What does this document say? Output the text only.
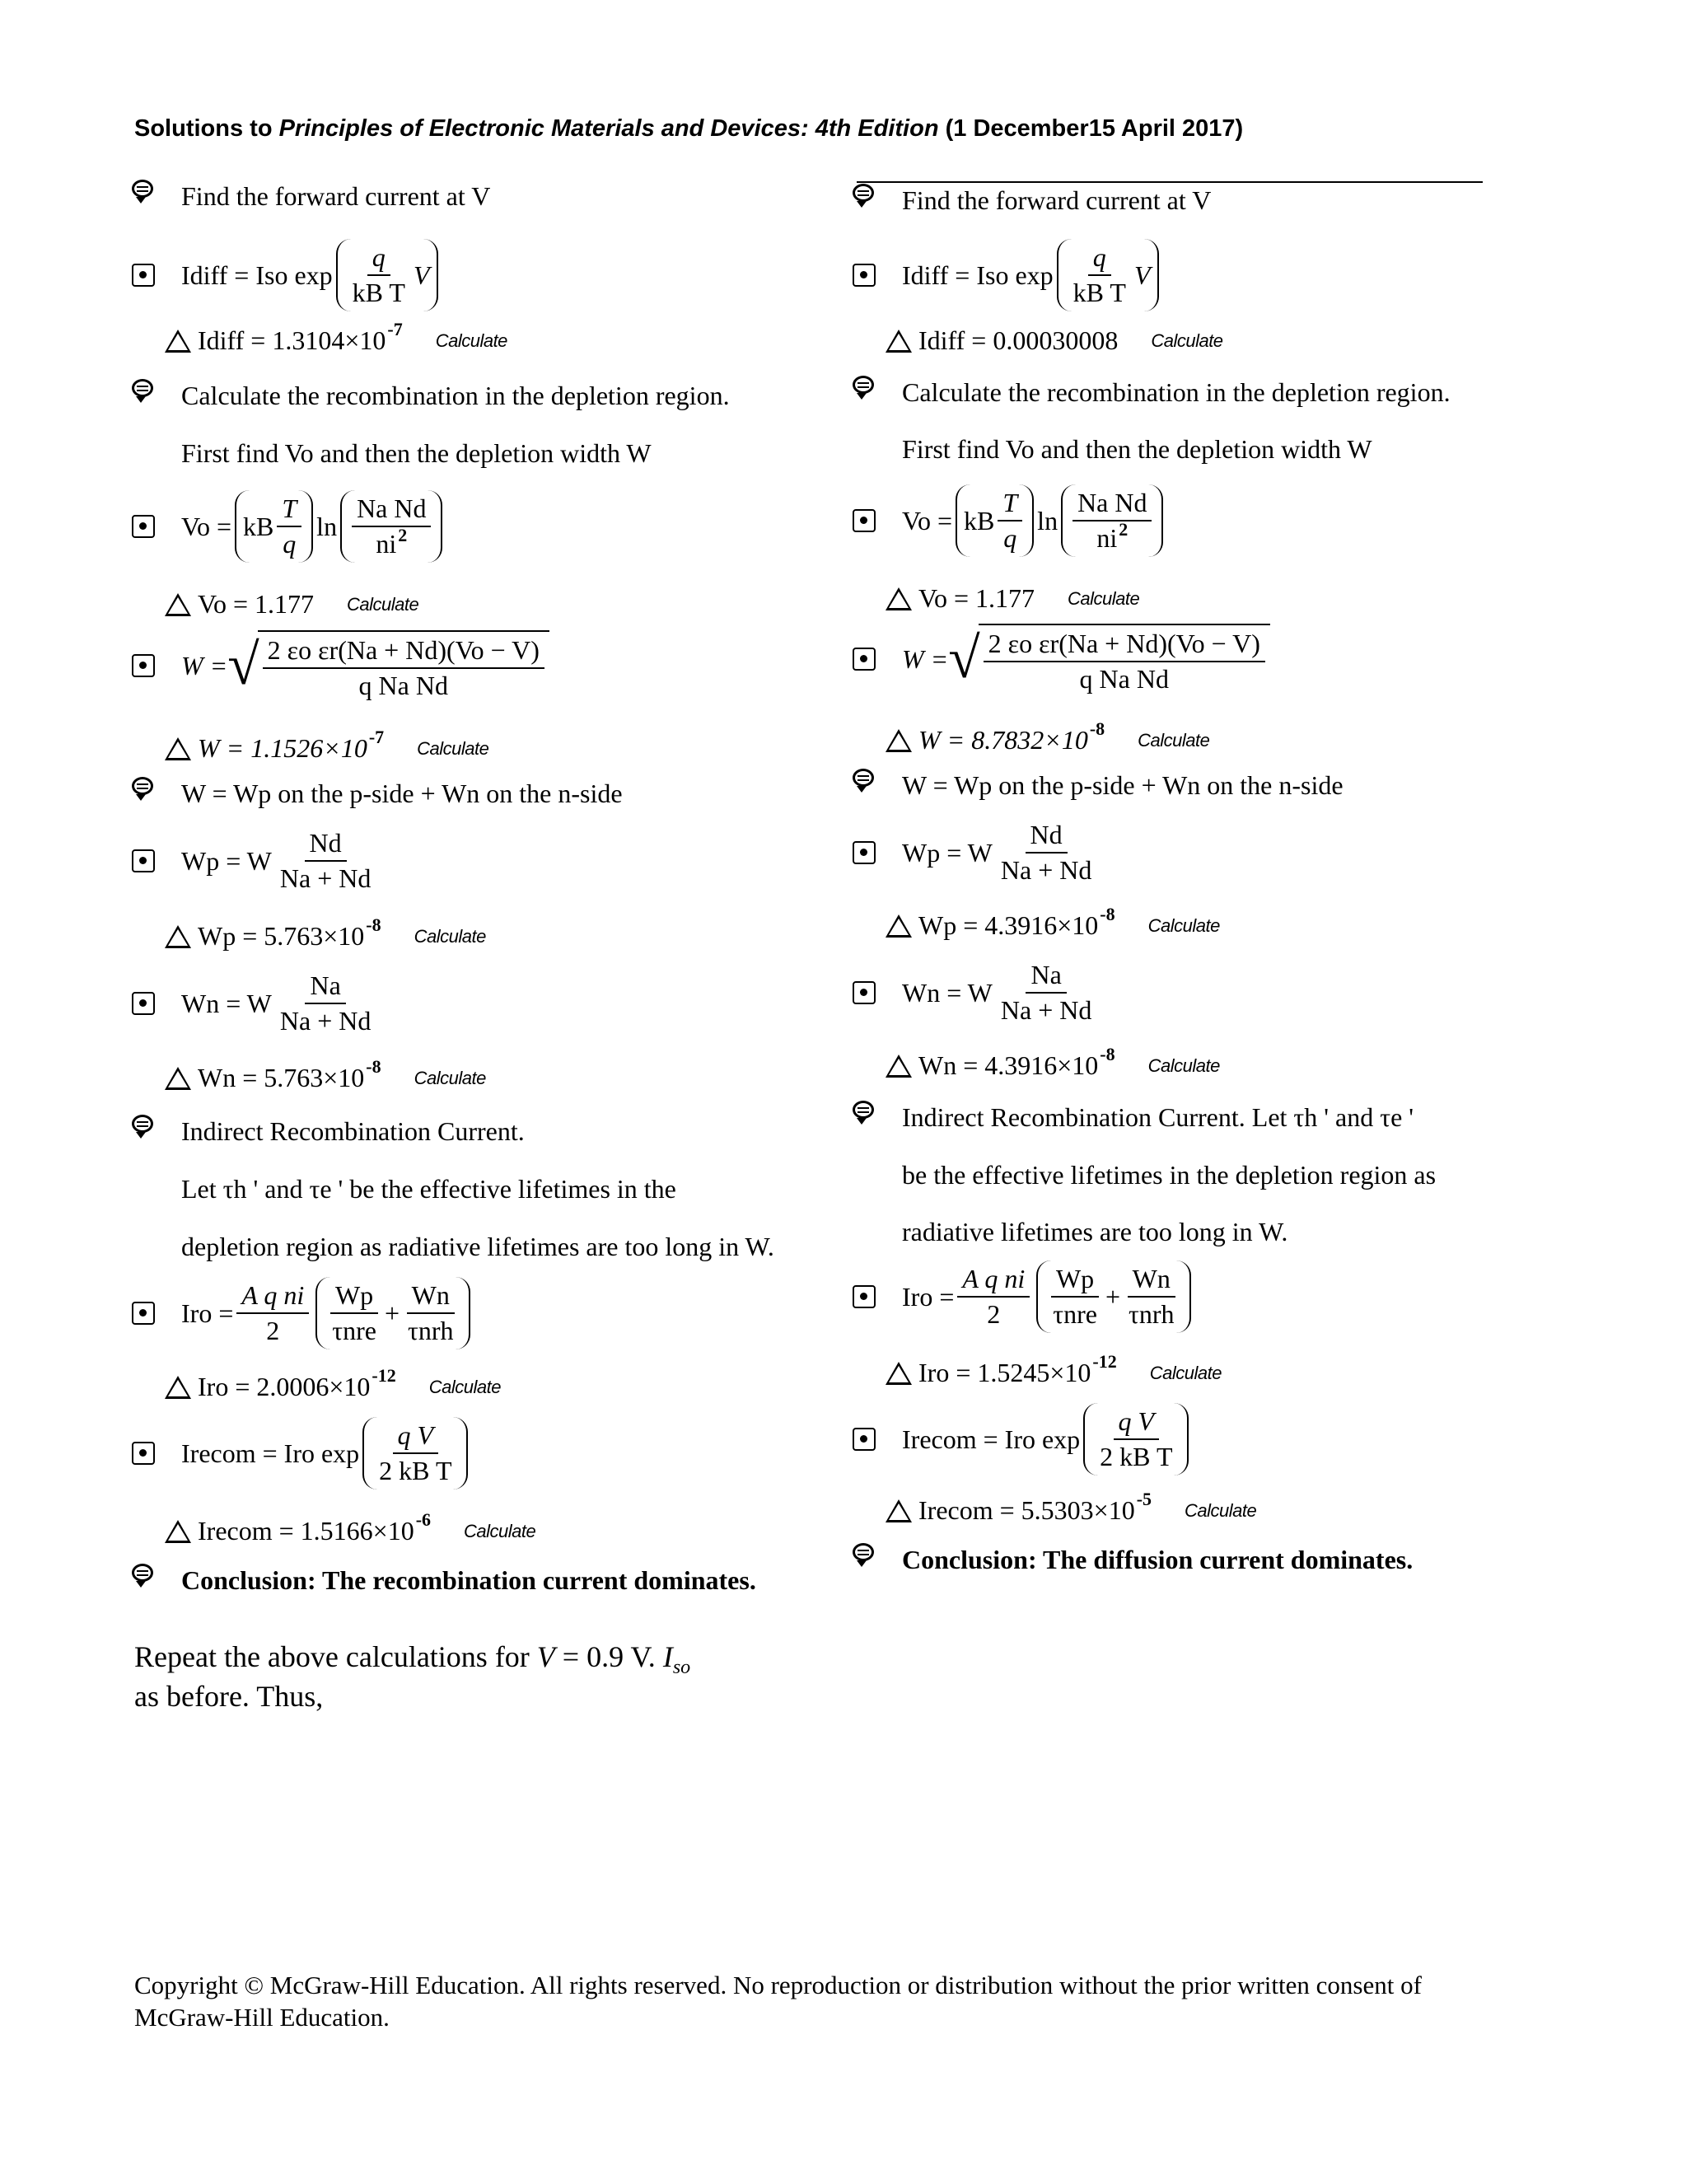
Solutions to Principles of Electronic Materials and Devices: 4th Edition (1 December15 April 2017)
Find the forward current at V
Idiff = Iso $\exp \frac{q}{\text{kB T}}$ V
Idiff = 1.3104×10 -7
Calculate
Calculate the recombination in the depletion region.
First find Vo and then the depletion width W
Vo = kB $\frac{T}{q}$ $\ln \frac{\text{Na Nd}}{ni^2}$
Vo = 1.177 Calculate
W = √ $\frac{\text{2 εo εr(Na + Nd)(Vo − V)}}{\text{q Na Nd}}$
W = 1.1526×10 -7
Calculate
W = Wp on the p-side + Wn on the n-side
Wp = W $\frac{Nd}{Na + Nd}$
Wp = 5.763×10 -8
Calculate
Wn = W $\frac{Na}{Na + Nd}$
Wn = 5.763×10 -8
Calculate
Indirect Recombination Current.
Let τh ' and τe ' be the effective lifetimes in the
depletion region as radiative lifetimes are too long in W.
Iro = $\frac{\text{A q ni}}{2} \frac{Wp}{\text{τnre}} + \frac{Wn}{\text{τnrh}}$
Iro = 2.0006×10 -12
Calculate
Irecom = Iro $\exp \frac{\text{q V}}{\text{2 kB T}}$
Irecom = 1.5166×10 -6
Calculate
Conclusion: The recombination current dominates.
Find the forward current at V
Idiff = Iso $\exp \frac{q}{\text{kB T}}$ V
Idiff = 0.00030008 Calculate
Calculate the recombination in the depletion region.
First find Vo and then the depletion width W
Vo = kB $\frac{T}{q}$ $\ln \frac{\text{Na Nd}}{ni^2}$
Vo = 1.177 Calculate
W = √ $\frac{\text{2 εo εr(Na + Nd)(Vo − V)}}{\text{q Na Nd}}$
W = 8.7832×10 -8
Calculate
W = Wp on the p-side + Wn on the n-side
Wp = W $\frac{Nd}{Na + Nd}$
Wp = 4.3916×10 -8
Calculate
Wn = W $\frac{Na}{Na + Nd}$
Wn = 4.3916×10 -8
Calculate
Indirect Recombination Current. Let τh ' and τe '
be the effective lifetimes in the depletion region as
radiative lifetimes are too long in W.
Iro = $\frac{\text{A q ni}}{2} \frac{Wp}{\text{τnre}} + \frac{Wn}{\text{τnrh}}$
Iro = 1.5245×10 -12
Calculate
Irecom = Iro $\exp \frac{\text{q V}}{\text{2 kB T}}$
Irecom = 5.5303×10 -5
Calculate
Conclusion: The diffusion current dominates.
Repeat the above calculations for V = 0.9 V. $I_{so}$
as before. Thus,
Copyright © McGraw-Hill Education. All rights reserved. No reproduction or distribution without the prior written consent of McGraw-Hill Education.
